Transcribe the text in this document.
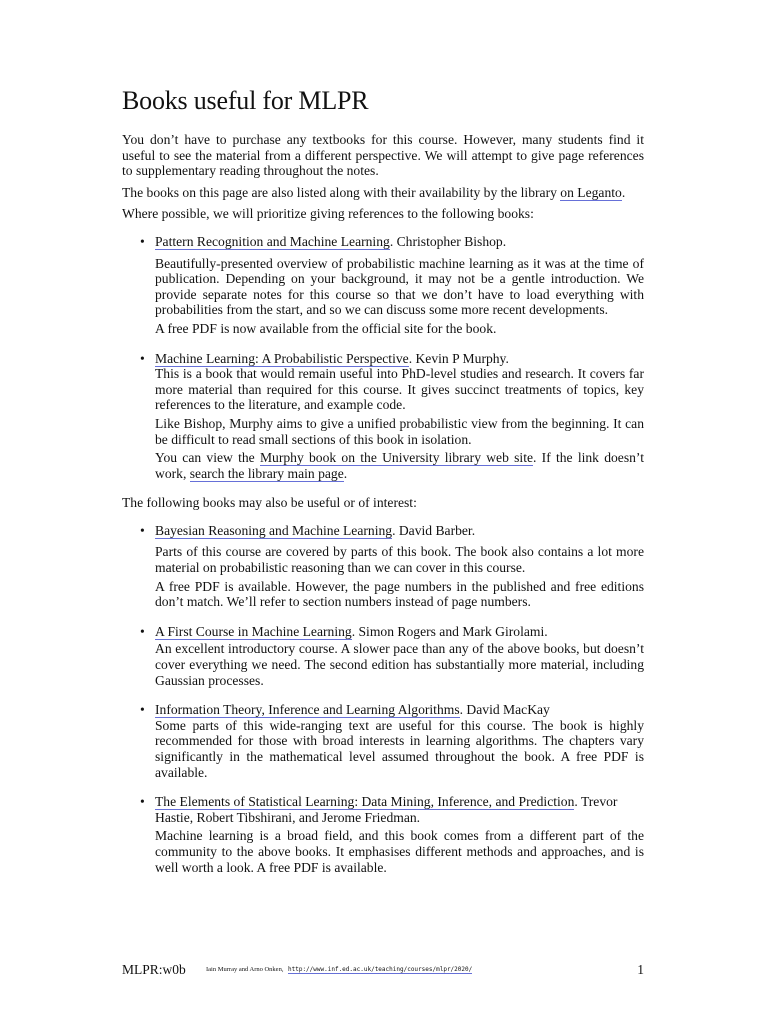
Books useful for MLPR

You don’t have to purchase any textbooks for this course. However, many students find it useful to see the material from a different perspective. We will attempt to give page references to supplementary reading throughout the notes.

The books on this page are also listed along with their availability by the library on Leganto.

Where possible, we will prioritize giving references to the following books:

• Pattern Recognition and Machine Learning. Christopher Bishop.

Beautifully-presented overview of probabilistic machine learning as it was at the time of publication. Depending on your background, it may not be a gentle introduction. We provide separate notes for this course so that we don’t have to load everything with probabilities from the start, and so we can discuss some more recent developments.

A free PDF is now available from the official site for the book.

• Machine Learning: A Probabilistic Perspective. Kevin P Murphy.

This is a book that would remain useful into PhD-level studies and research. It covers far more material than required for this course. It gives succinct treatments of topics, key references to the literature, and example code.

Like Bishop, Murphy aims to give a unified probabilistic view from the beginning. It can be difficult to read small sections of this book in isolation.

You can view the Murphy book on the University library web site. If the link doesn’t work, search the library main page.

The following books may also be useful or of interest:

• Bayesian Reasoning and Machine Learning. David Barber.

Parts of this course are covered by parts of this book. The book also contains a lot more material on probabilistic reasoning than we can cover in this course.

A free PDF is available. However, the page numbers in the published and free editions don’t match. We’ll refer to section numbers instead of page numbers.

• A First Course in Machine Learning. Simon Rogers and Mark Girolami.

An excellent introductory course. A slower pace than any of the above books, but doesn’t cover everything we need. The second edition has substantially more material, including Gaussian processes.

• Information Theory, Inference and Learning Algorithms. David MacKay

Some parts of this wide-ranging text are useful for this course. The book is highly recommended for those with broad interests in learning algorithms. The chapters vary significantly in the mathematical level assumed throughout the book. A free PDF is available.

• The Elements of Statistical Learning: Data Mining, Inference, and Prediction. Trevor Hastie, Robert Tibshirani, and Jerome Friedman.

Machine learning is a broad field, and this book comes from a different part of the community to the above books. It emphasises different methods and approaches, and is well worth a look. A free PDF is available.

MLPR:w0b	Iain Murray and Arno Onken, http://www.inf.ed.ac.uk/teaching/courses/mlpr/2020/	1
